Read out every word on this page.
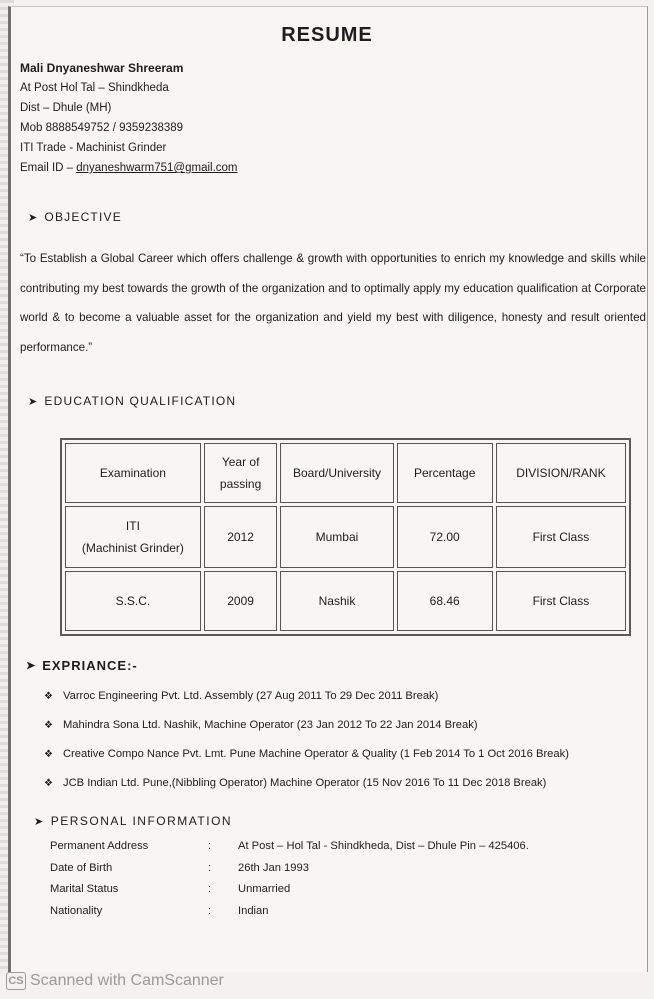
RESUME
Mali Dnyaneshwar Shreeram
At Post Hol Tal – Shindkheda
Dist – Dhule (MH)
Mob 8888549752 / 9359238389
ITI Trade - Machinist Grinder
Email ID – dnyaneshwarm751@gmail.com
➤ OBJECTIVE
“To Establish a Global Career which offers challenge & growth with opportunities to enrich my knowledge and skills while contributing my best towards the growth of the organization and to optimally apply my education qualification at Corporate world & to become a valuable asset for the organization and yield my best with diligence, honesty and result oriented performance.”
➤ EDUCATION QUALIFICATION
Examination	Year of passing	Board/University	Percentage	DIVISION/RANK

ITI
(Machinist Grinder)	2012	Mumbai	72.00	First Class

S.S.C.	2009	Nashik	68.46	First Class
➤ EXPRIANCE:-
❖ Varroc Engineering Pvt. Ltd. Assembly (27 Aug 2011 To 29 Dec 2011 Break)
❖ Mahindra Sona Ltd. Nashik, Machine Operator (23 Jan 2012 To 22 Jan 2014 Break)
❖ Creative Compo Nance Pvt. Lmt. Pune Machine Operator & Quality (1 Feb 2014 To 1 Oct 2016 Break)
❖ JCB Indian Ltd. Pune,(Nibbling Operator) Machine Operator (15 Nov 2016 To 11 Dec 2018 Break)
➤ PERSONAL INFORMATION
Permanent Address	:	At Post – Hol Tal - Shindkheda, Dist – Dhule Pin – 425406.
Date of Birth	:	26th Jan 1993
Marital Status	:	Unmarried
Nationality	:	Indian
CS Scanned with CamScanner
